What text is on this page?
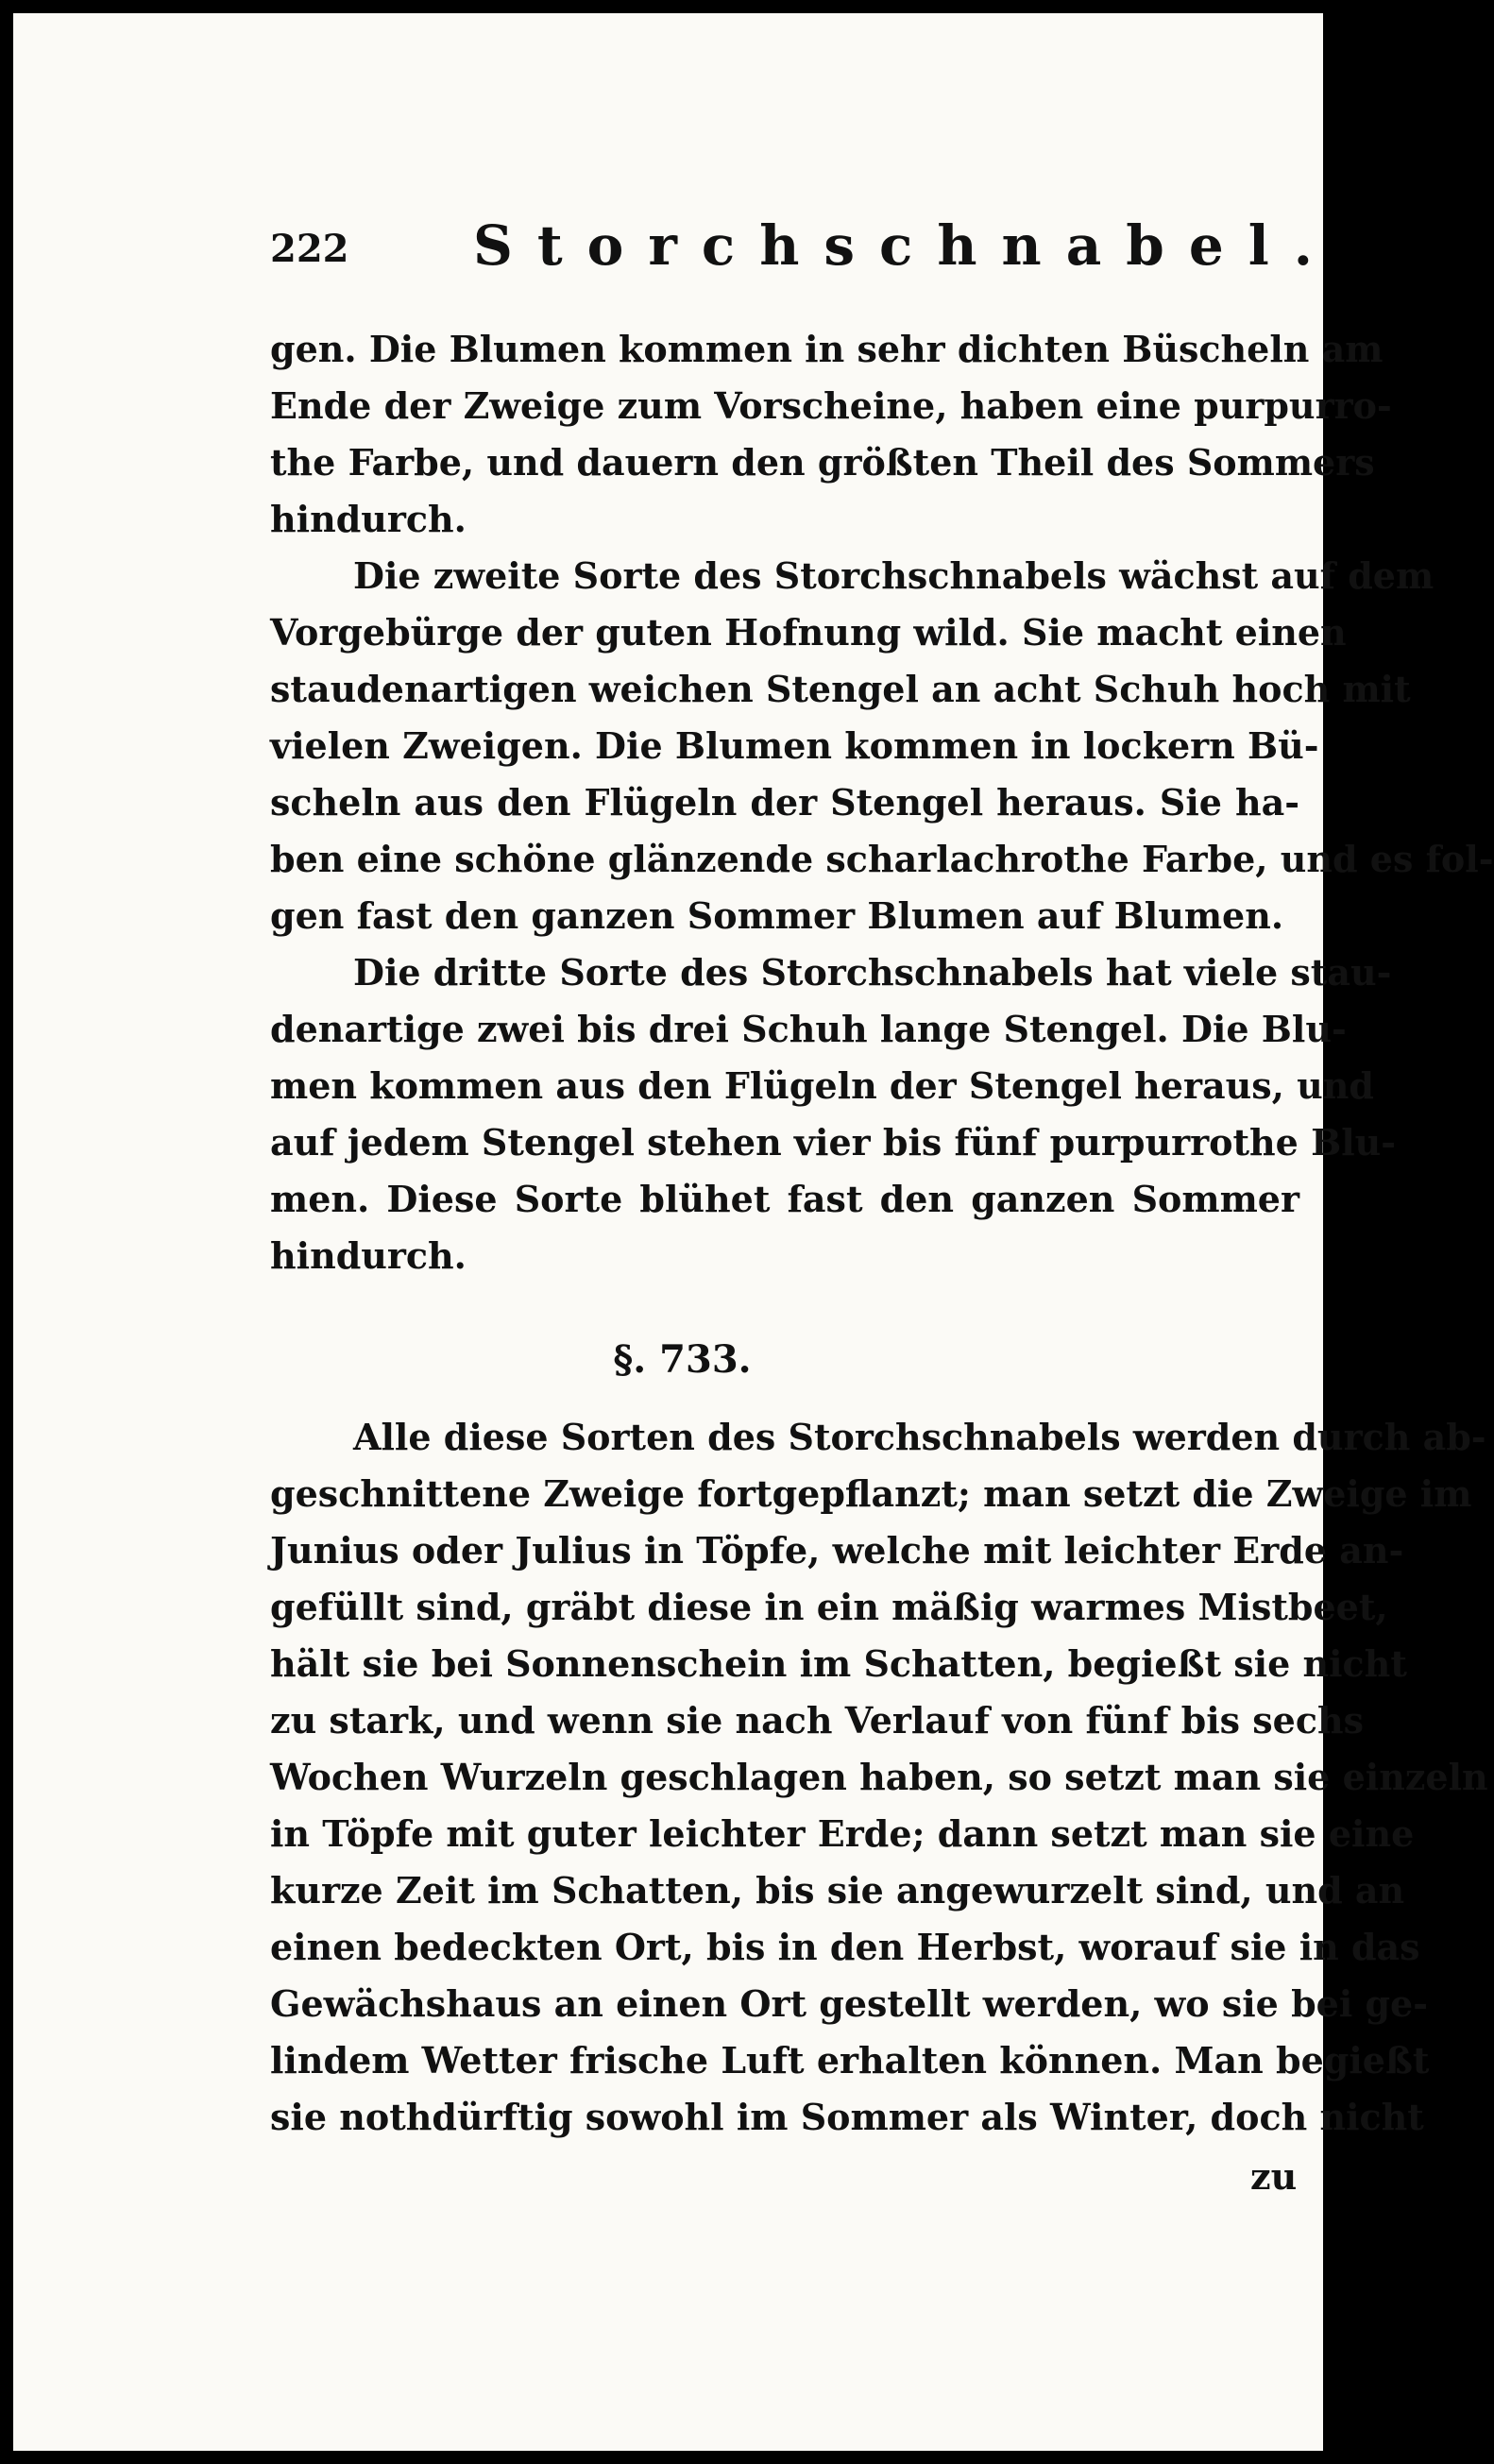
222 Storchschnabel.
gen. Die Blumen kommen in sehr dichten Büscheln am
Ende der Zweige zum Vorscheine, haben eine purpurro-
the Farbe, und dauern den größten Theil des Sommers
hindurch.
Die zweite Sorte des Storchschnabels wächst auf dem
Vorgebürge der guten Hofnung wild. Sie macht einen
staudenartigen weichen Stengel an acht Schuh hoch mit
vielen Zweigen. Die Blumen kommen in lockern Bü-
scheln aus den Flügeln der Stengel heraus. Sie ha-
ben eine schöne glänzende scharlachrothe Farbe, und es fol-
gen fast den ganzen Sommer Blumen auf Blumen.
Die dritte Sorte des Storchschnabels hat viele stau-
denartige zwei bis drei Schuh lange Stengel. Die Blu-
men kommen aus den Flügeln der Stengel heraus, und
auf jedem Stengel stehen vier bis fünf purpurrothe Blu-
men. Diese Sorte blühet fast den ganzen Sommer
hindurch.
§. 733.
Alle diese Sorten des Storchschnabels werden durch ab-
geschnittene Zweige fortgepflanzt; man setzt die Zweige im
Junius oder Julius in Töpfe, welche mit leichter Erde an-
gefüllt sind, gräbt diese in ein mäßig warmes Mistbeet,
hält sie bei Sonnenschein im Schatten, begießt sie nicht
zu stark, und wenn sie nach Verlauf von fünf bis sechs
Wochen Wurzeln geschlagen haben, so setzt man sie einzeln
in Töpfe mit guter leichter Erde; dann setzt man sie eine
kurze Zeit im Schatten, bis sie angewurzelt sind, und an
einen bedeckten Ort, bis in den Herbst, worauf sie in das
Gewächshaus an einen Ort gestellt werden, wo sie bei ge-
lindem Wetter frische Luft erhalten können. Man begießt
sie nothdürftig sowohl im Sommer als Winter, doch nicht
zu
